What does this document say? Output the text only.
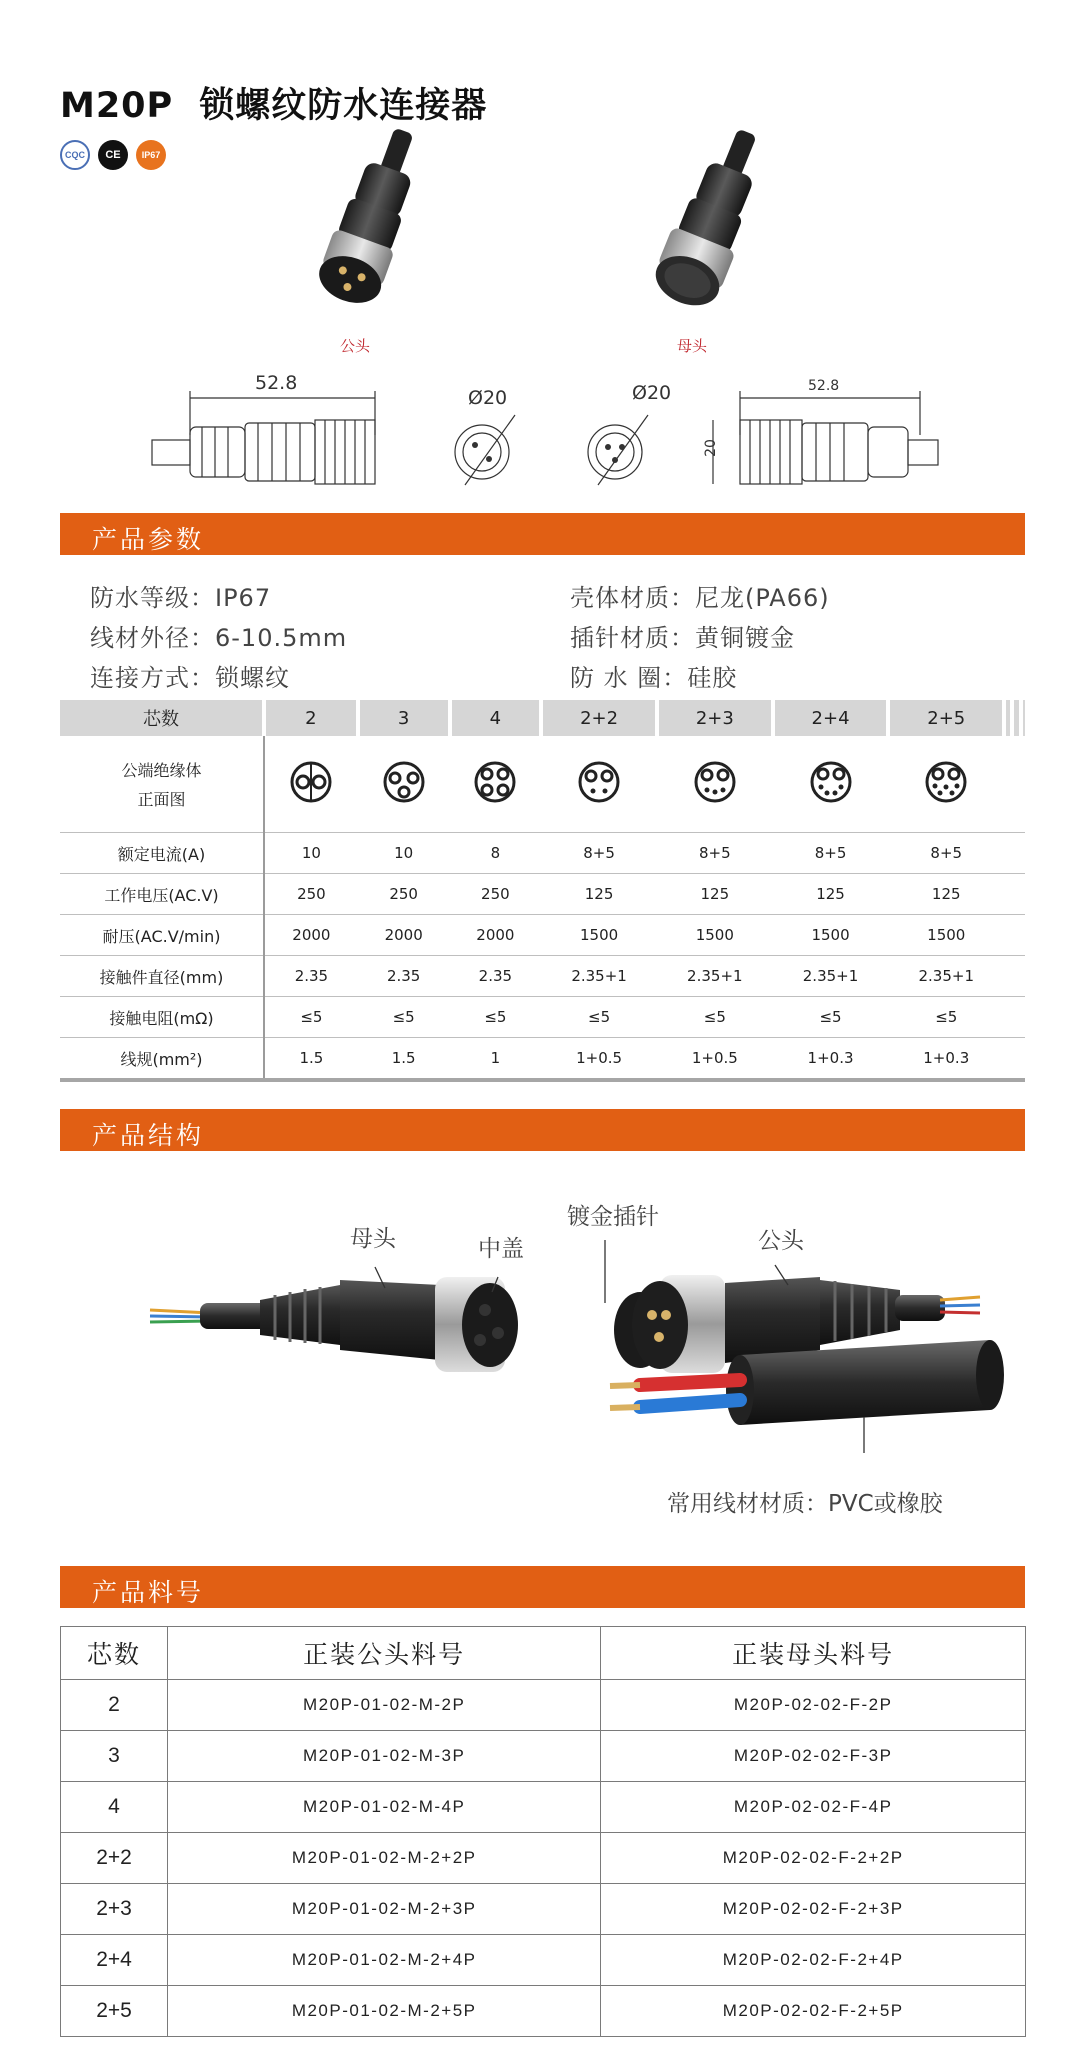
M20P 锁螺纹防水连接器
CQC	CE	IP67
公头	母头
52.8
Ø20	Ø20	52.8
20
产品参数
防水等级：IP67
线材外径：6-10.5mm
连接方式：锁螺纹
壳体材质：尼龙(PA66)
插针材质：黄铜镀金
防 水 圈：硅胶
芯数	2	3	4	2+2	2+3	2+4	2+5			

公端绝缘体
正面图

额定电流(A)	10	10	8	8+5	8+5	8+5	8+5			
工作电压(AC.V)	250	250	250	125	125	125	125			
耐压(AC.V/min)	2000	2000	2000	1500	1500	1500	1500			
接触件直径(mm)	2.35	2.35	2.35	2.35+1	2.35+1	2.35+1	2.35+1			
接触电阻(mΩ)	≤5	≤5	≤5	≤5	≤5	≤5	≤5			
线规(mm²)	1.5	1.5	1	1+0.5	1+0.5	1+0.3	1+0.3			
产品结构
母头	中盖
镀金插针
公头
常用线材材质：PVC或橡胶
产品料号
芯数	正装公头料号	正装母头料号
2	M20P-01-02-M-2P	M20P-02-02-F-2P
3	M20P-01-02-M-3P	M20P-02-02-F-3P
4	M20P-01-02-M-4P	M20P-02-02-F-4P
2+2	M20P-01-02-M-2+2P	M20P-02-02-F-2+2P
2+3	M20P-01-02-M-2+3P	M20P-02-02-F-2+3P
2+4	M20P-01-02-M-2+4P	M20P-02-02-F-2+4P
2+5	M20P-01-02-M-2+5P	M20P-02-02-F-2+5P
